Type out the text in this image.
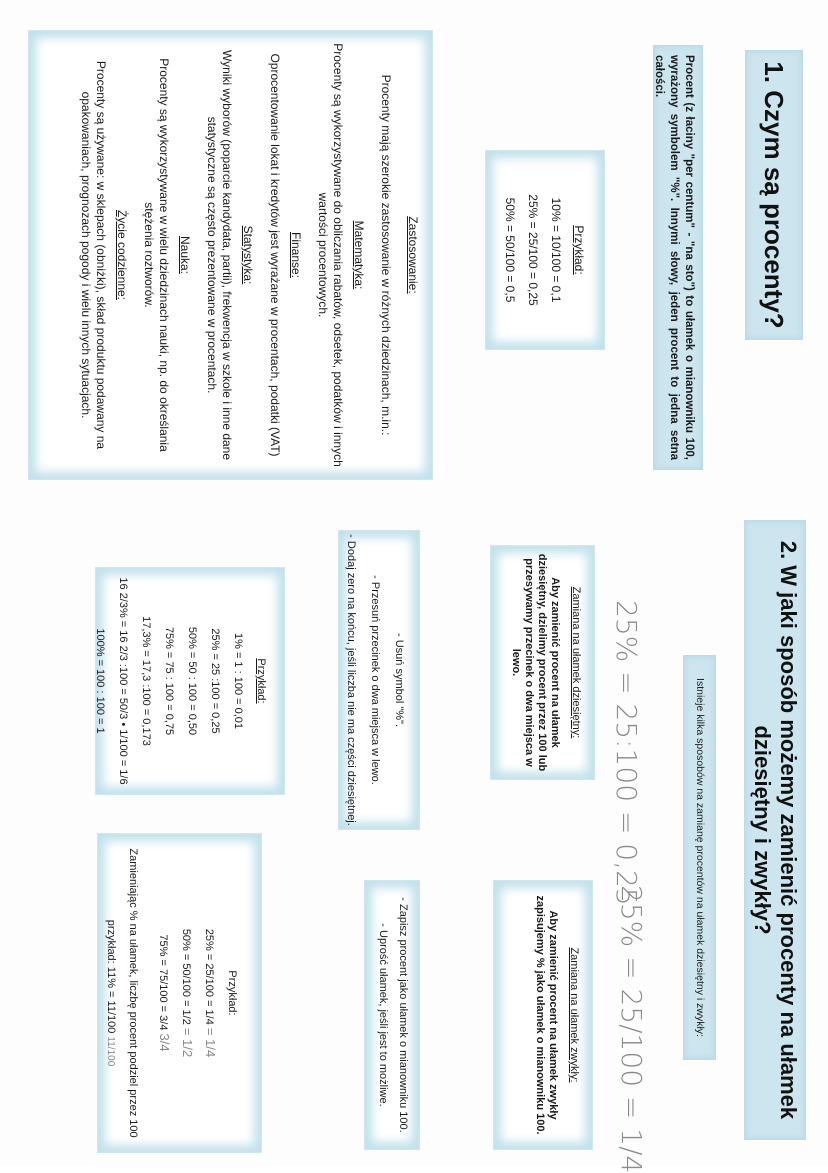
1. Czym są procenty?
Procent (z łaciny "per centum" - "na sto") to ułamek o mianowniku 100, wyrażony symbolem "%". Innymi słowy, jeden procent to jedna setna całości.

Przykład:

10% = 10/100 = 0,1

25% = 25/100 = 0,25

50% = 50/100 = 0,5

Zastosowanie:

Procenty mają szerokie zastosowanie w różnych dziedzinach, m.in.:

Matematyka:

Procenty są wykorzystywane do obliczania rabatów, odsetek, podatków i innych wartości procentowych.

Finanse:

Oprocentowanie lokat i kredytów jest wyrażane w procentach, podatki (VAT)

Statystyka:

Wyniki wyborów (poparcie kandydata, partii), frekwencja w szkole i inne dane statystyczne są często prezentowane w procentach.

Nauka:

Procenty są wykorzystywane w wielu dziedzinach nauki, np. do określania stężenia roztworów.

Życie codzienne:

Procenty są używane: w sklepach (obniżki), skład produktu podawany na opakowaniach, prognozach pogody i wielu innych sytuacjach.

2. W jaki sposób możemy zamienić procenty na ułamek dziesiętny i zwykły?
Istnieje kilka sposobów na zamianę procentów na ułamek dziesiętny i zwykły:
25% = 25:100 = 0,25
25% = 25/100 = 1/4

Zamiana na ułamek dziesiętny:

Aby zamienić procent na ułamek dziesiętny, dzielimy procent przez 100 lub przesywamy przecinek o dwa miejsca w lewo.

Zamiana na ułamek zwykły:

Aby zamienić procent na ułamek zwykły zapisujemy % jako ułamek o mianowniku 100.

- Usuń symbol "%".

- Przesuń przecinek o dwa miejsca w lewo.

- Dodaj zero na końcu, jeśli liczba nie ma części dziesiętnej.

- Zapisz procent jako ułamek o mianowniku 100.

- Uprość ułamek, jeśli jest to możliwe.

Przykład:

1% = 1 : 100 = 0,01

25% = 25 :100 = 0,25

50% = 50 : 100 = 0,50

75% = 75 : 100 = 0,75

17,3% = 17,3 :100 = 0,173

16 2/3% = 16 2/3 :100 = 50/3 • 1/100 = 1/6

100% = 100 : 100 = 1

Przykład:

25% = 25/100 = 1/4 = 1/4

50% = 50/100 = 1/2 = 1/2

75% = 75/100 = 3/4 3/4

Zamieniając % na ułamek, liczbę procent podziel przez 100

przykład: 11% = 11/100 11/100
